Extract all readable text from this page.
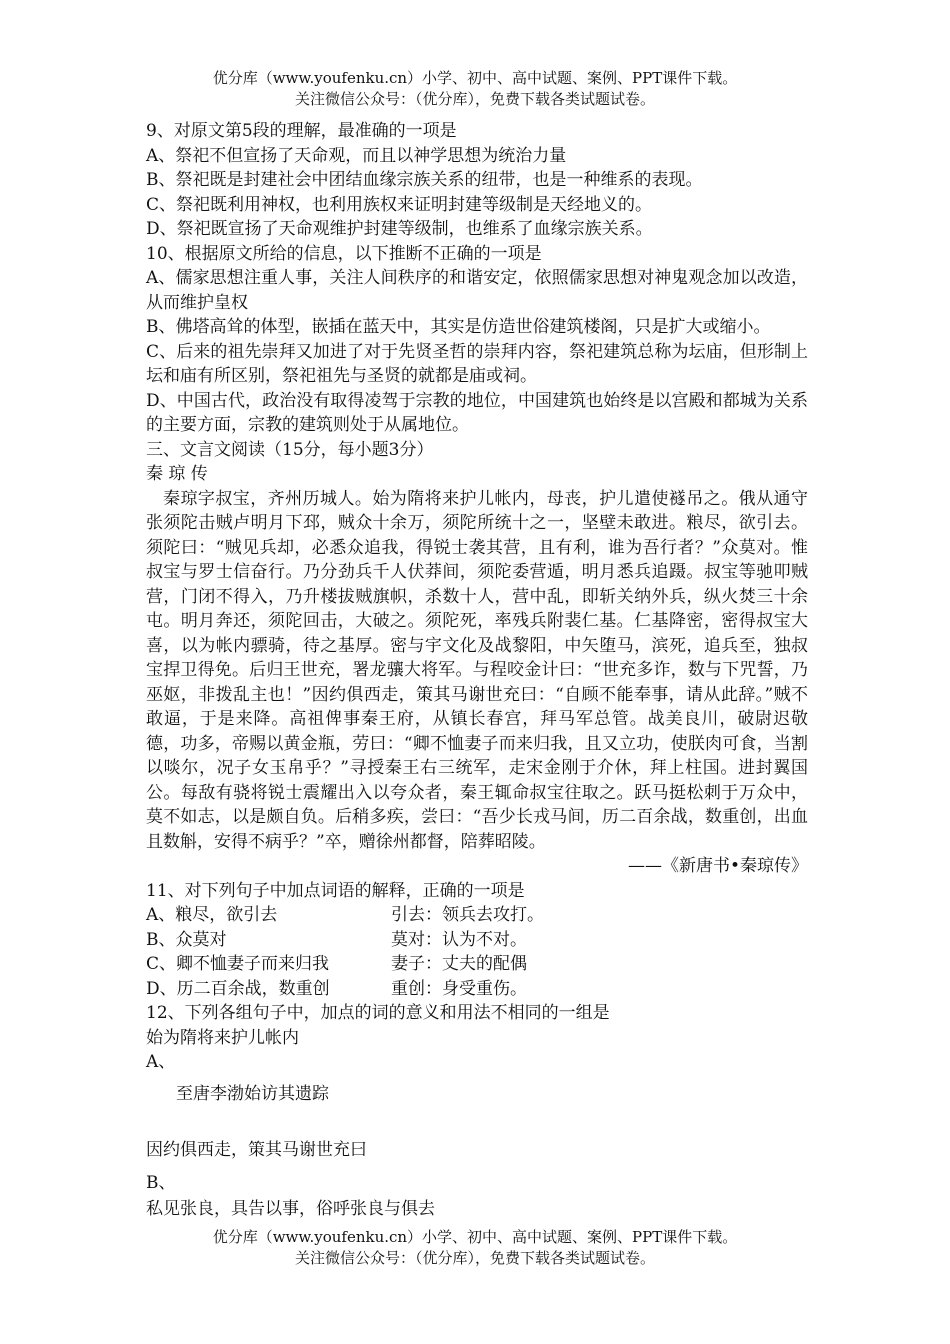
优分库（www.youfenku.cn）小学、初中、高中试题、案例、PPT课件下载。
关注微信公众号：（优分库），免费下载各类试题试卷。

9、对原文第5段的理解，最准确的一项是

A、祭祀不但宣扬了天命观，而且以神学思想为统治力量

B、祭祀既是封建社会中团结血缘宗族关系的纽带，也是一种维系的表现。

C、祭祀既利用神权，也利用族权来证明封建等级制是天经地义的。

D、祭祀既宣扬了天命观维护封建等级制，也维系了血缘宗族关系。

10、根据原文所给的信息，以下推断不正确的一项是

A、儒家思想注重人事，关注人间秩序的和谐安定，依照儒家思想对神鬼观念加以改造，从而维护皇权

B、佛塔高耸的体型，嵌插在蓝天中，其实是仿造世俗建筑楼阁，只是扩大或缩小。

C、后来的祖先崇拜又加进了对于先贤圣哲的崇拜内容，祭祀建筑总称为坛庙，但形制上坛和庙有所区别，祭祀祖先与圣贤的就都是庙或祠。

D、中国古代，政治没有取得凌驾于宗教的地位，中国建筑也始终是以宫殿和都城为关系的主要方面，宗教的建筑则处于从属地位。

三、文言文阅读（15分，每小题3分）

秦 琼 传

秦琼字叔宝，齐州历城人。始为隋将来护儿帐内，母丧，护儿遣使襚吊之。俄从通守张须陀击贼卢明月下邳，贼众十余万，须陀所统十之一，坚壁未敢进。粮尽，欲引去。须陀曰：“贼见兵却，必悉众追我，得锐士袭其营，且有利，谁为吾行者？”众莫对。惟叔宝与罗士信奋行。乃分劲兵千人伏莽间，须陀委营遁，明月悉兵追蹑。叔宝等驰叩贼营，门闭不得入，乃升楼拔贼旗帜，杀数十人，营中乱，即斩关纳外兵，纵火焚三十余屯。明月奔还，须陀回击，大破之。须陀死，率残兵附裴仁基。仁基降密，密得叔宝大喜，以为帐内骠骑，待之基厚。密与宇文化及战黎阳，中矢堕马，滨死，追兵至，独叔宝捍卫得免。后归王世充，署龙骧大将军。与程咬金计曰：“世充多诈，数与下咒誓，乃巫妪，非拨乱主也！”因约俱西走，策其马谢世充曰：“自顾不能奉事，请从此辞。”贼不敢逼，于是来降。高祖俾事秦王府，从镇长春宫，拜马军总管。战美良川，破尉迟敬德，功多，帝赐以黄金瓶，劳曰：“卿不恤妻子而来归我，且又立功，使朕肉可食，当割以啖尔，况子女玉帛乎？”寻授秦王右三统军，走宋金刚于介休，拜上柱国。进封翼国公。每敌有骁将锐士震耀出入以夸众者，秦王辄命叔宝往取之。跃马挺松刺于万众中，莫不如志，以是颇自负。后稍多疾，尝曰：“吾少长戎马间，历二百余战，数重创，出血且数斛，安得不病乎？”卒，赠徐州都督，陪葬昭陵。

——《新唐书•秦琼传》

11、对下列句子中加点词语的解释，正确的一项是

A、粮尽，欲引去	引去：领兵去攻打。
B、众莫对	莫对：认为不对。
C、卿不恤妻子而来归我	妻子：丈夫的配偶
D、历二百余战，数重创	重创：身受重伤。

12、下列各组句子中，加点的词的意义和用法不相同的一组是

始为隋将来护儿帐内

A、

至唐李渤始访其遗踪

因约俱西走，策其马谢世充曰

B、

私见张良，具告以事，俗呼张良与俱去

优分库（www.youfenku.cn）小学、初中、高中试题、案例、PPT课件下载。
关注微信公众号：（优分库），免费下载各类试题试卷。
